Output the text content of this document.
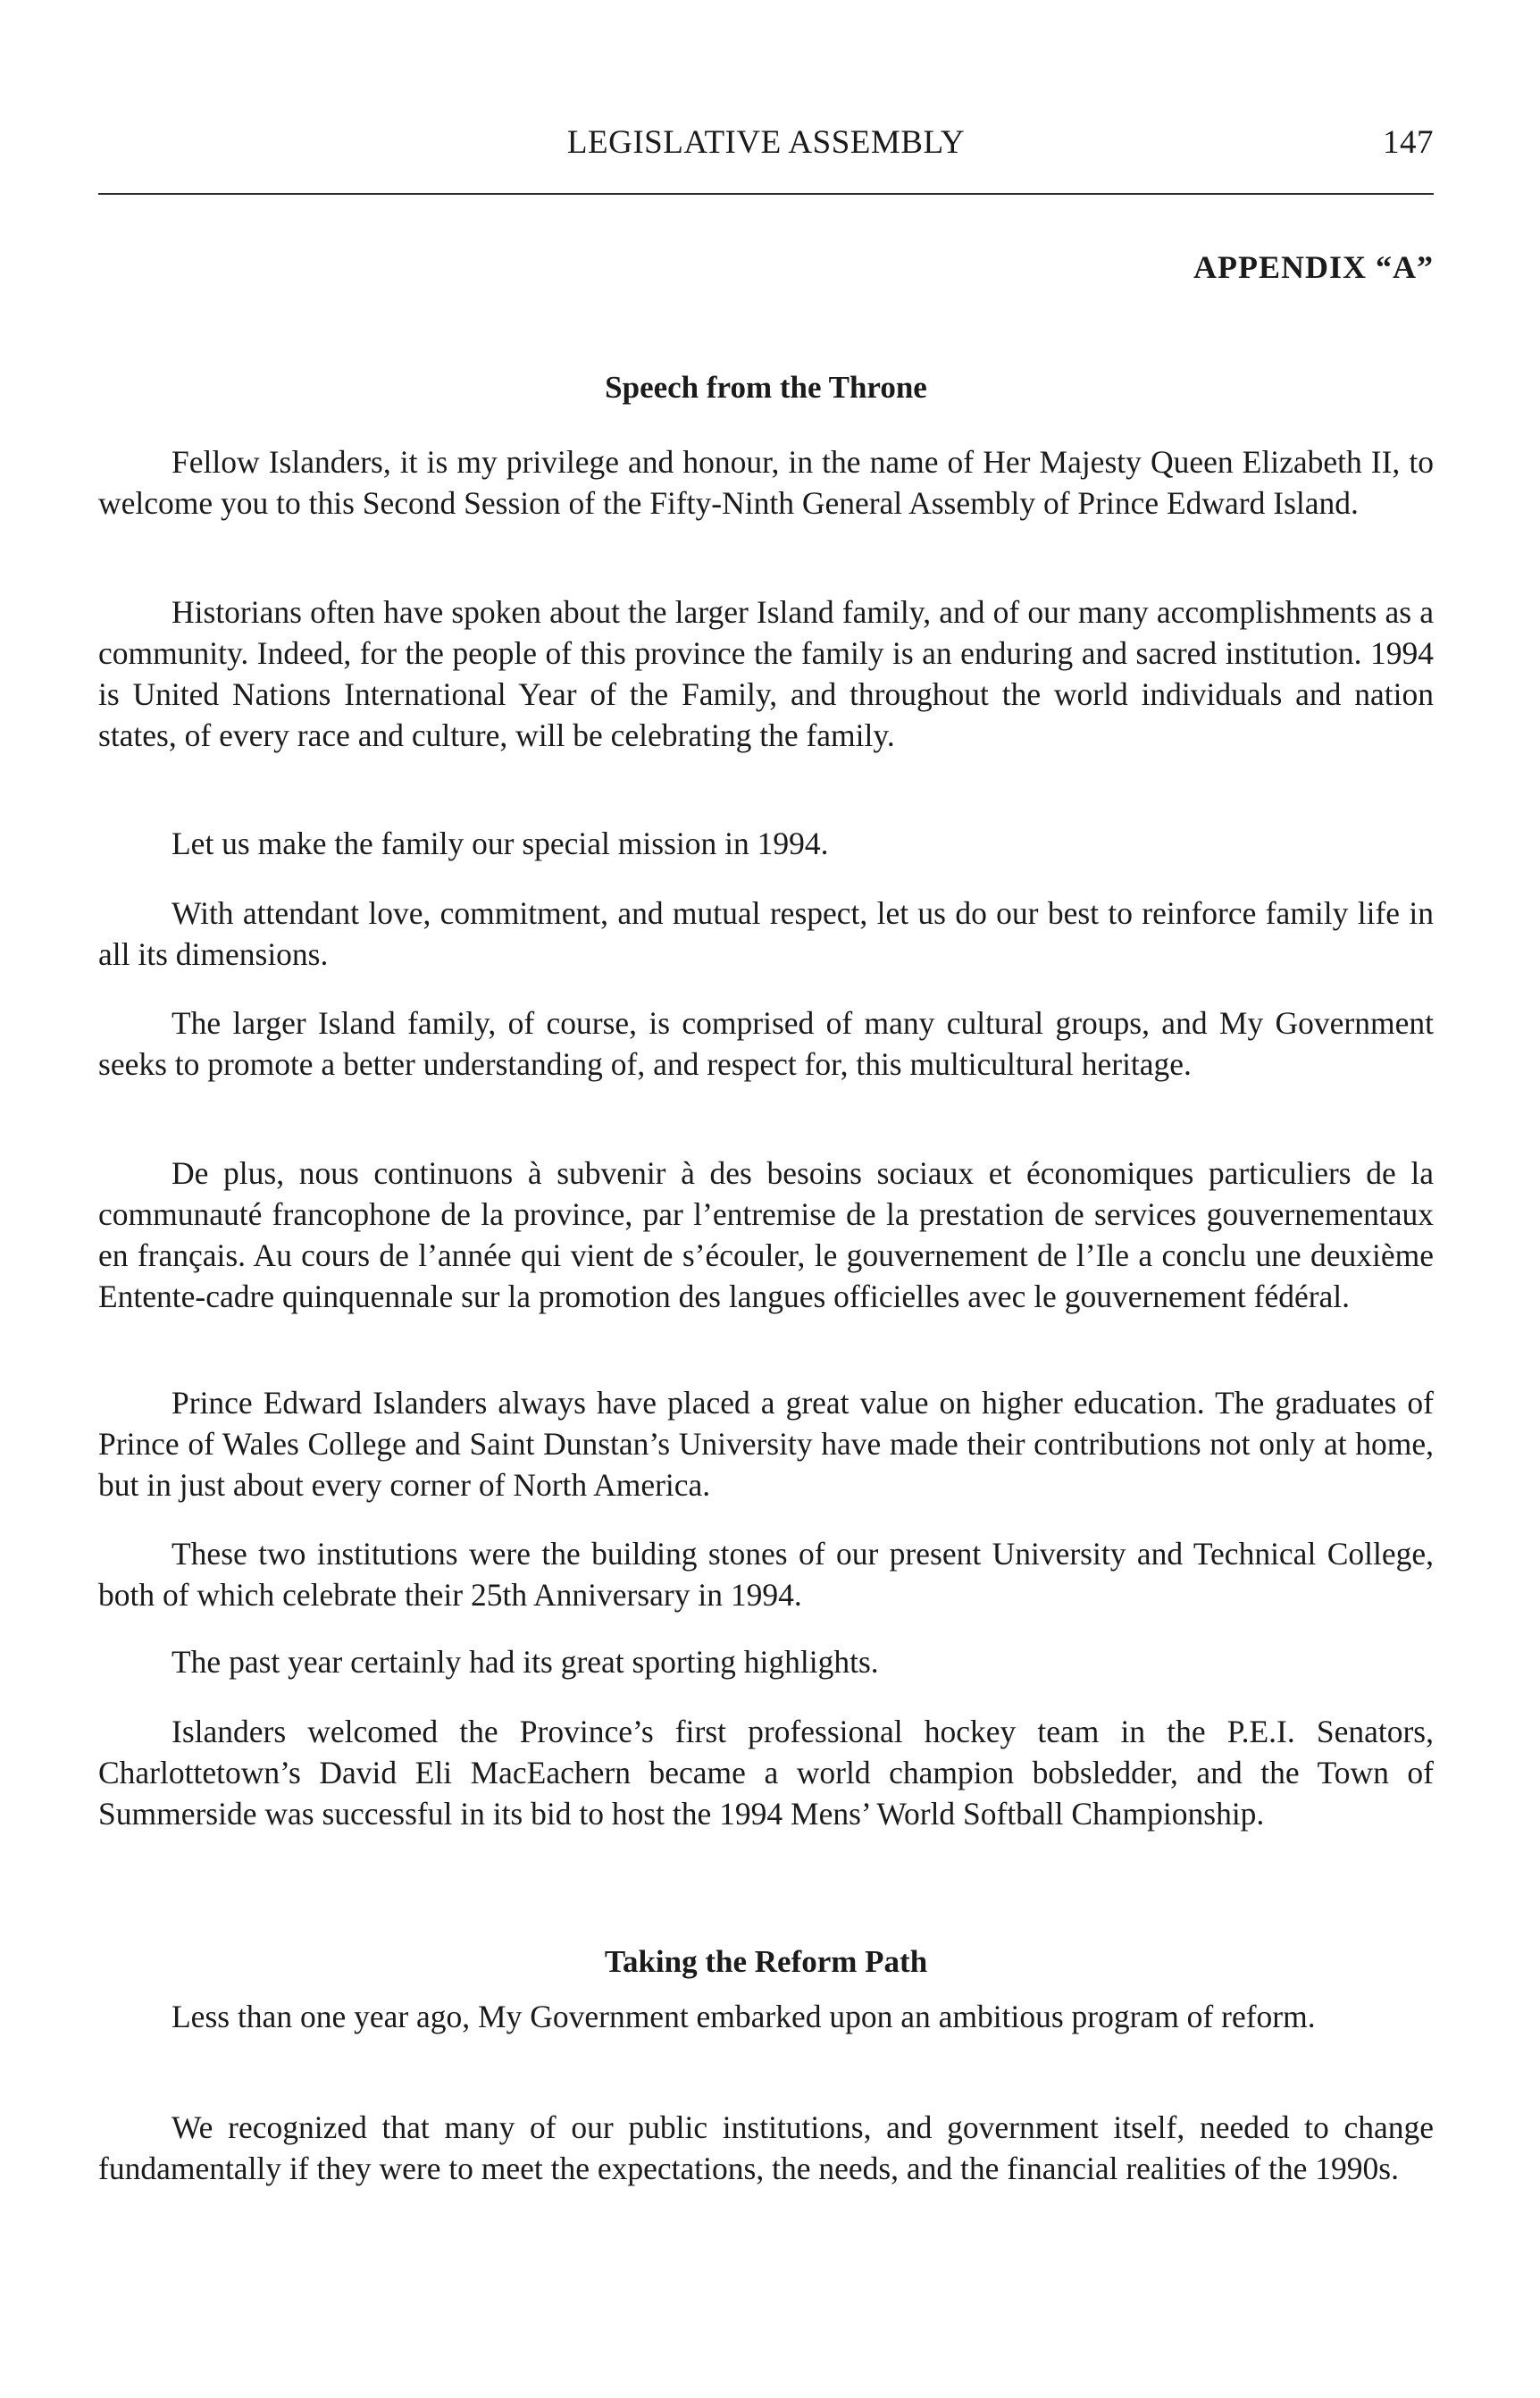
LEGISLATIVE ASSEMBLY	147
APPENDIX “A”
Speech from the Throne

Fellow Islanders, it is my privilege and honour, in the name of Her Majesty Queen Elizabeth II, to welcome you to this Second Session of the Fifty-Ninth General Assembly of Prince Edward Island.

Historians often have spoken about the larger Island family, and of our many accomplishments as a community. Indeed, for the people of this province the family is an enduring and sacred institution. 1994 is United Nations International Year of the Family, and throughout the world individuals and nation states, of every race and culture, will be celebrating the family.

Let us make the family our special mission in 1994.

With attendant love, commitment, and mutual respect, let us do our best to reinforce family life in all its dimensions.

The larger Island family, of course, is comprised of many cultural groups, and My Government seeks to promote a better understanding of, and respect for, this multicultural heritage.

De plus, nous continuons à subvenir à des besoins sociaux et économiques particuliers de la communauté francophone de la province, par l’entremise de la prestation de services gouvernementaux en français. Au cours de l’année qui vient de s’écouler, le gouvernement de l’Ile a conclu une deuxième Entente-cadre quinquennale sur la promotion des langues officielles avec le gouvernement fédéral.

Prince Edward Islanders always have placed a great value on higher education. The graduates of Prince of Wales College and Saint Dunstan’s University have made their contributions not only at home, but in just about every corner of North America.

These two institutions were the building stones of our present University and Technical College, both of which celebrate their 25th Anniversary in 1994.

The past year certainly had its great sporting highlights.

Islanders welcomed the Province’s first professional hockey team in the P.E.I. Senators, Charlottetown’s David Eli MacEachern became a world champion bobsledder, and the Town of Summerside was successful in its bid to host the 1994 Mens’ World Softball Championship.

Taking the Reform Path

Less than one year ago, My Government embarked upon an ambitious program of reform.

We recognized that many of our public institutions, and government itself, needed to change fundamentally if they were to meet the expectations, the needs, and the financial realities of the 1990s.
